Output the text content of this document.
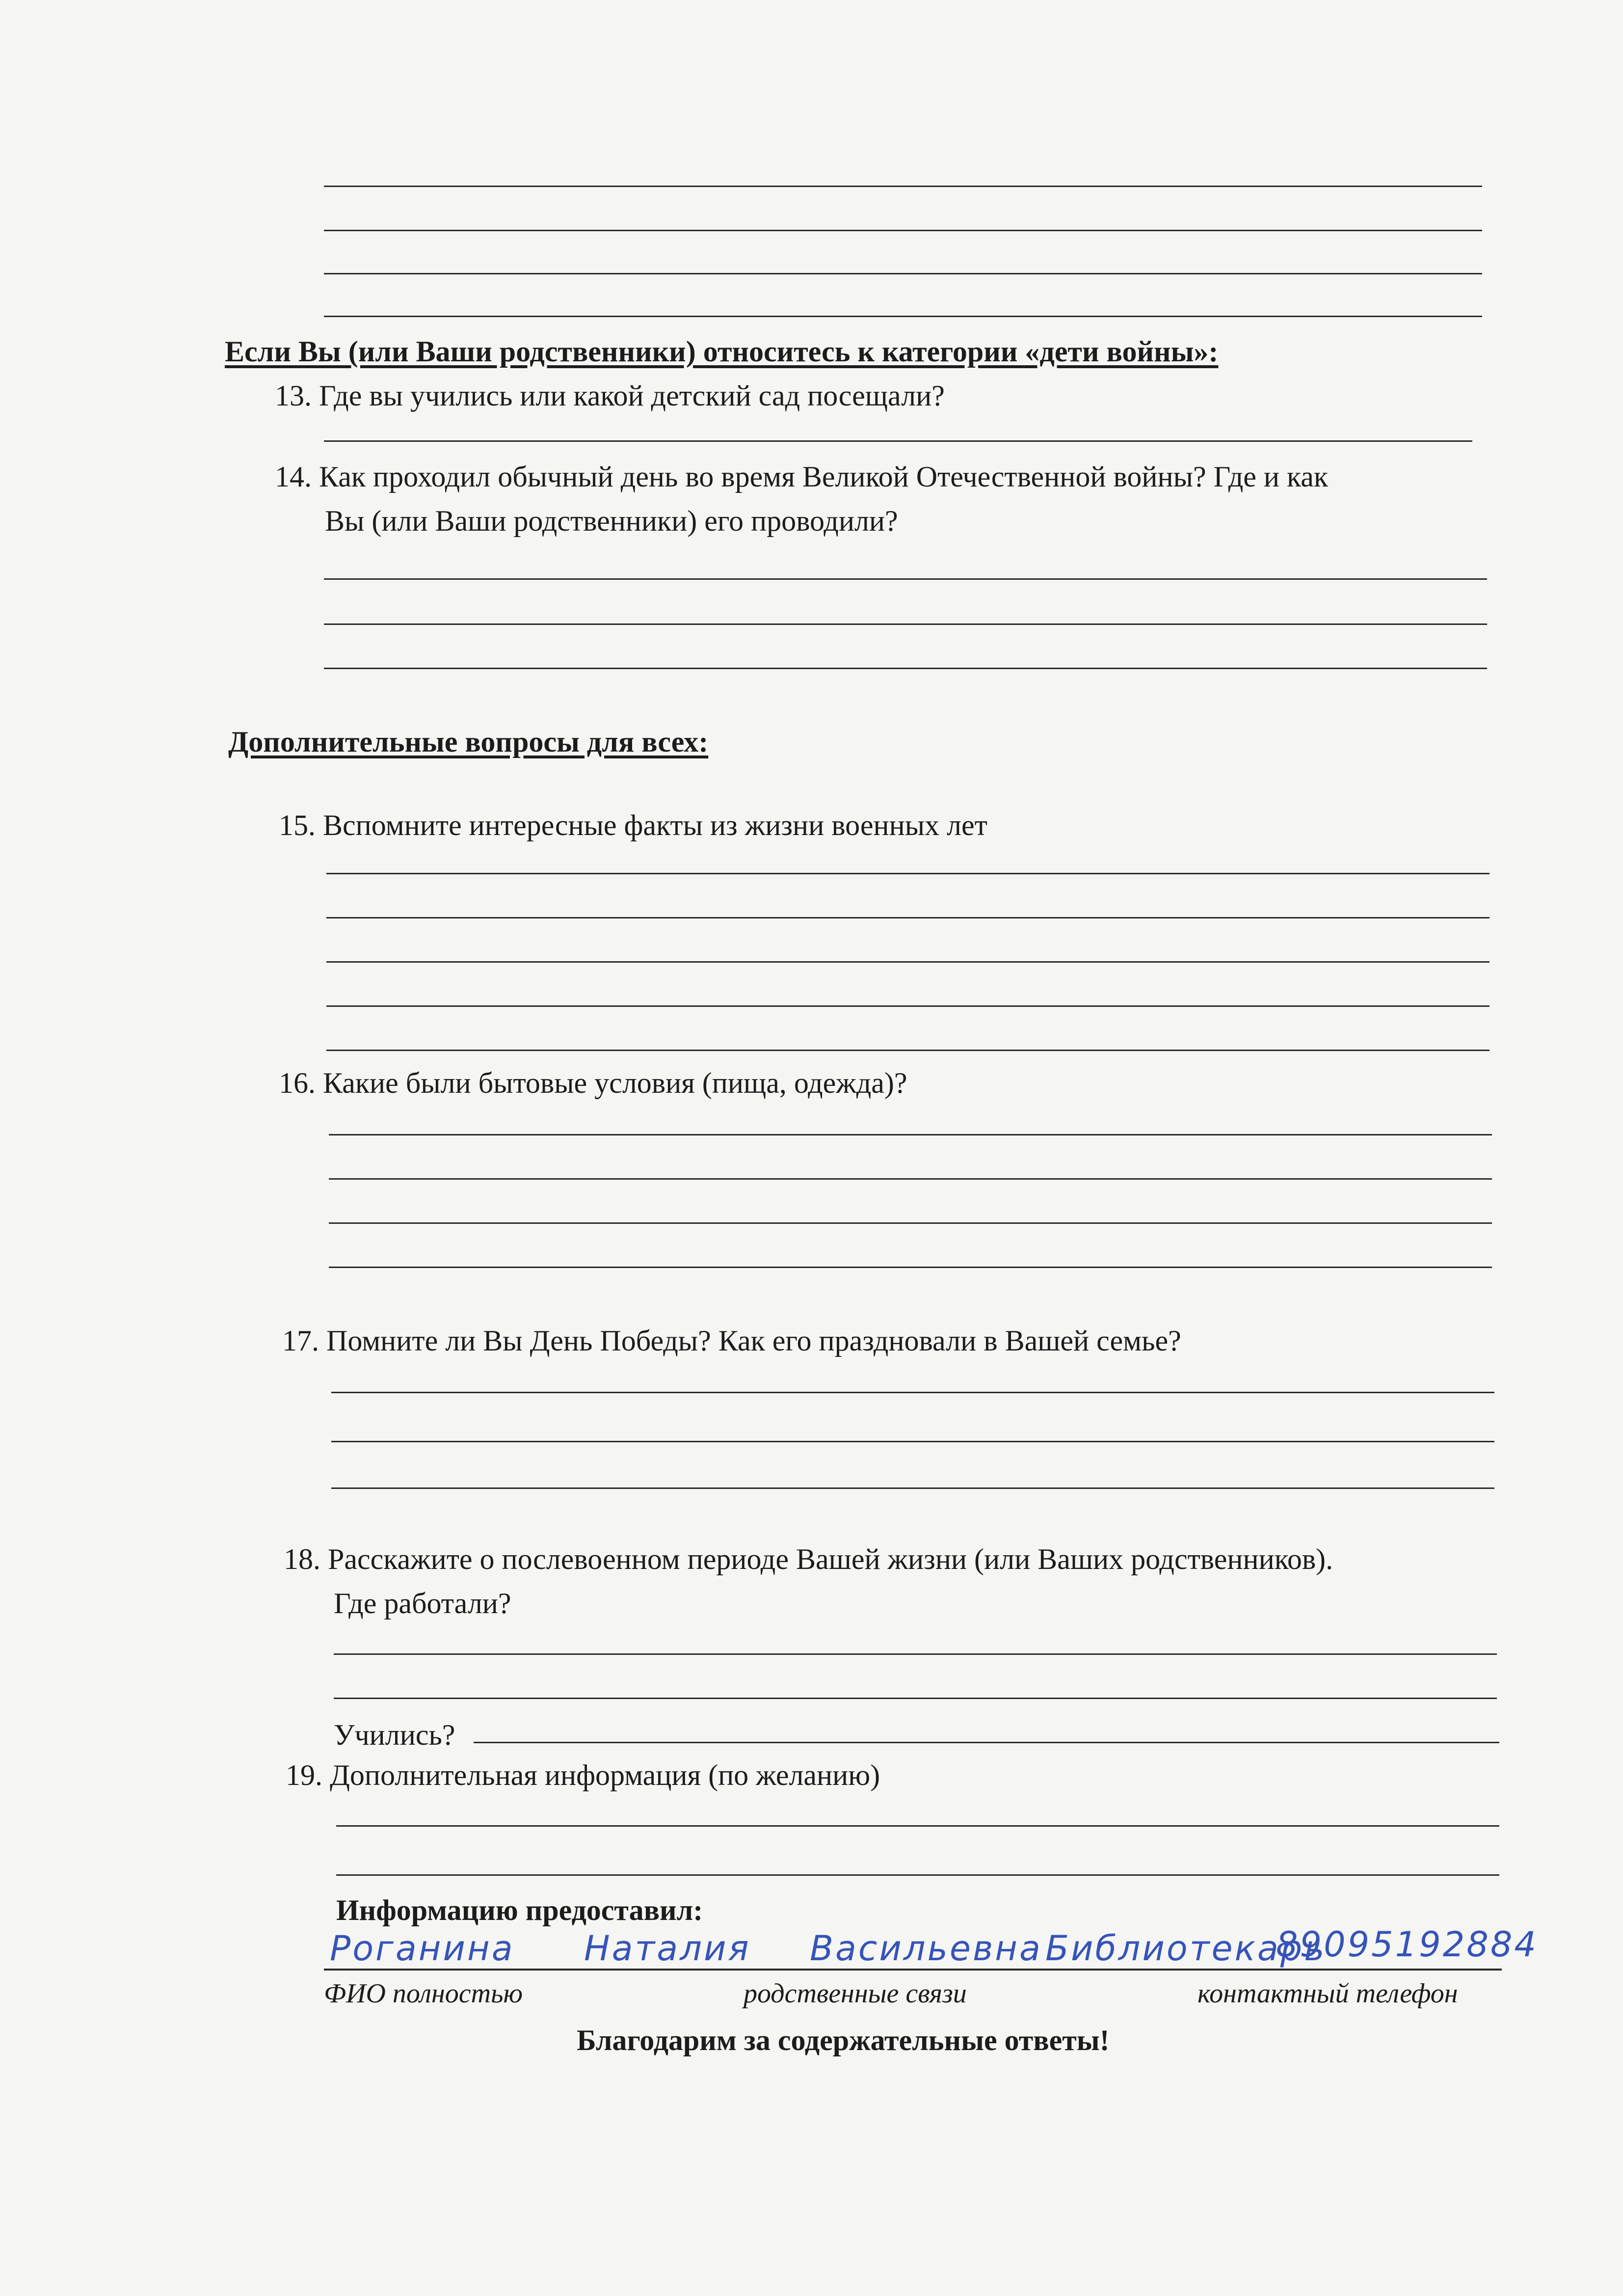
Если Вы (или Ваши родственники) относитесь к категории «дети войны»:
13. Где вы учились или какой детский сад посещали?
14. Как проходил обычный день во время Великой Отечественной войны? Где и как
Вы (или Ваши родственники) его проводили?
Дополнительные вопросы для всех:
15. Вспомните интересные факты из жизни военных лет
16. Какие были бытовые условия (пища, одежда)?
17. Помните ли Вы День Победы? Как его праздновали в Вашей семье?
18. Расскажите о послевоенном периоде Вашей жизни (или Ваших родственников).
Где работали?
Учились?
19. Дополнительная информация (по желанию)
Информацию предоставил:
Роганина Наталия Васильевна Библиотекарь
89095192884
ФИО полностью	родственные связи	контактный телефон
Благодарим за содержательные ответы!
